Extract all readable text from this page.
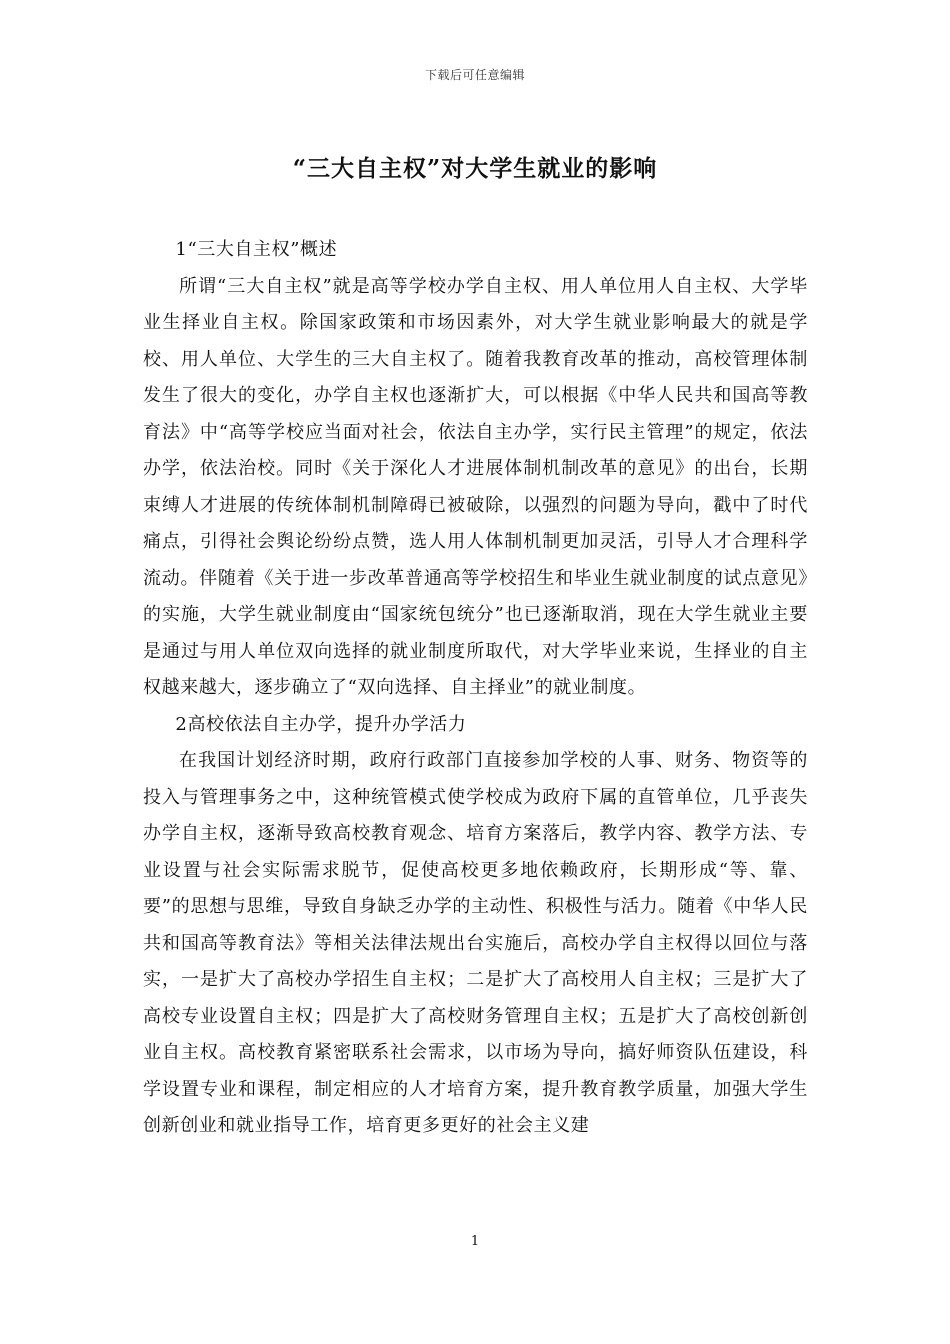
下载后可任意编辑
“三大自主权”对大学生就业的影响

1“三大自主权”概述

所谓“三大自主权”就是高等学校办学自主权、用人单位用人自主权、大学毕业生择业自主权。除国家政策和市场因素外，对大学生就业影响最大的就是学校、用人单位、大学生的三大自主权了。随着我教育改革的推动，高校管理体制发生了很大的变化，办学自主权也逐渐扩大，可以根据《中华人民共和国高等教育法》中“高等学校应当面对社会，依法自主办学，实行民主管理”的规定，依法办学，依法治校。同时《关于深化人才进展体制机制改革的意见》的出台，长期束缚人才进展的传统体制机制障碍已被破除，以强烈的问题为导向，戳中了时代痛点，引得社会舆论纷纷点赞，选人用人体制机制更加灵活，引导人才合理科学流动。伴随着《关于进一步改革普通高等学校招生和毕业生就业制度的试点意见》的实施，大学生就业制度由“国家统包统分”也已逐渐取消，现在大学生就业主要是通过与用人单位双向选择的就业制度所取代，对大学毕业来说，生择业的自主权越来越大，逐步确立了“双向选择、自主择业”的就业制度。

2高校依法自主办学，提升办学活力

在我国计划经济时期，政府行政部门直接参加学校的人事、财务、物资等的投入与管理事务之中，这种统管模式使学校成为政府下属的直管单位，几乎丧失办学自主权，逐渐导致高校教育观念、培育方案落后，教学内容、教学方法、专业设置与社会实际需求脱节，促使高校更多地依赖政府，长期形成“等、靠、要”的思想与思维，导致自身缺乏办学的主动性、积极性与活力。随着《中华人民共和国高等教育法》等相关法律法规出台实施后，高校办学自主权得以回位与落实，一是扩大了高校办学招生自主权；二是扩大了高校用人自主权；三是扩大了高校专业设置自主权；四是扩大了高校财务管理自主权；五是扩大了高校创新创业自主权。高校教育紧密联系社会需求，以市场为导向，搞好师资队伍建设，科学设置专业和课程，制定相应的人才培育方案，提升教育教学质量，加强大学生创新创业和就业指导工作，培育更多更好的社会主义建

1
